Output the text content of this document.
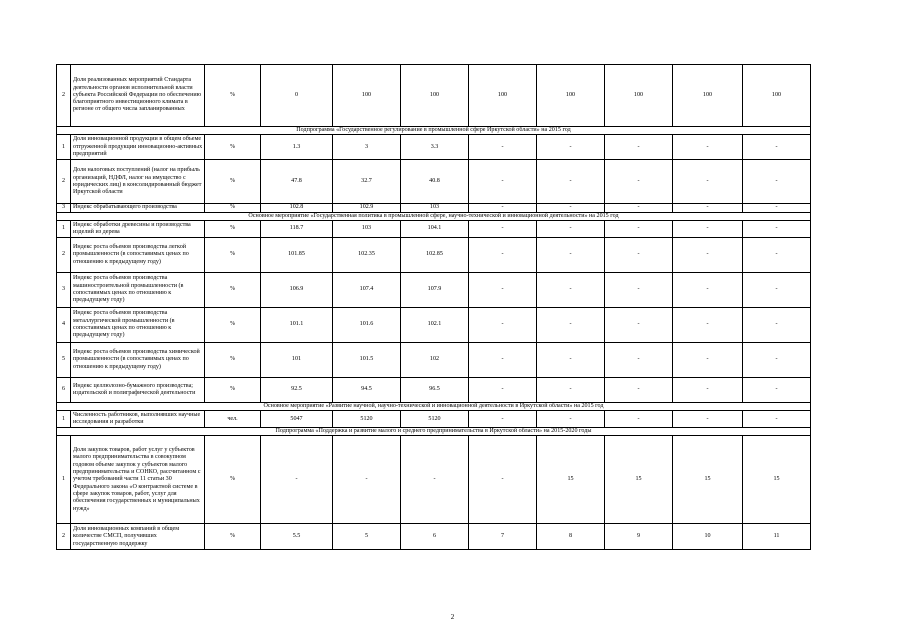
2	Доля реализованных мероприятий Стандарта деятельности органов исполнительной власти субъекта Российской Федерации по обеспечению благоприятного инвестиционного климата в регионе от общего числа запланированных	%	0	100	100	100	100	100	100	100
Подпрограмма «Государственное регулирование в промышленной сфере Иркутской области» на 2015 год										
1	Доля инновационной продукции в общем объеме отгруженной продукции инновационно-активных предприятий	%	1.3	3	3.3	-	-	-	-	-
2	Доля налоговых поступлений (налог на прибыль организаций, НДФЛ, налог на имущество с юридических лиц) в консолидированный бюджет Иркутской области	%	47.8	32.7	40.8	-	-	-	-	-
3	Индекс обрабатывающего производства	%	102.8	102.9	103	-	-	-	-	-
Основное мероприятие «Государственная политика в промышленной сфере, научно-технической и инновационной деятельности» на 2015 год										
1	Индекс обработки древесины и производства изделий из дерева	%	118.7	103	104.1	-	-	-	-	-
2	Индекс роста объемов производства легкой промышленности (в сопоставимых ценах по отношению к предыдущему году)	%	101.85	102.35	102.85	-	-	-	-	-
3	Индекс роста объемов производства машиностроительной промышленности (в сопоставимых ценах по отношению к предыдущему году)	%	106.9	107.4	107.9	-	-	-	-	-
4	Индекс роста объемов производства металлургической промышленности (в сопоставимых ценах по отношению к предыдущему году)	%	101.1	101.6	102.1	-	-	-	-	-
5	Индекс роста объемов производства химической промышленности (в сопоставимых ценах по отношению к предыдущему году)	%	101	101.5	102	-	-	-	-	-
6	Индекс целлюлозно-бумажного производства; издательской и полиграфической деятельности	%	92.5	94.5	96.5	-	-	-	-	-
Основное мероприятие «Развитие научной, научно-технической и инновационной деятельности в Иркутской области» на 2015 год										
1	Численность работников, выполнявших научные исследования и разработки	чел.	5047	5120	5120	-	-	-	-	-
Подпрограмма «Поддержка и развитие малого и среднего предпринимательства в Иркутской области» на 2015-2020 годы										
1	Доля закупок товаров, работ услуг у субъектов малого предпринимательства в совокупном годовом объеме закупок у субъектов малого предпринимательства и СОНКО, рассчитанном с учетом требований части 11 статьи 30 Федерального закона «О контрактной системе в сфере закупок товаров, работ, услуг для обеспечения государственных и муниципальных нужд»	%	-	-	-	-	15	15	15	15
2	Доля инновационных компаний в общем количестве СМСП, получивших государственную поддержку	%	5.5	5	6	7	8	9	10	11
2
